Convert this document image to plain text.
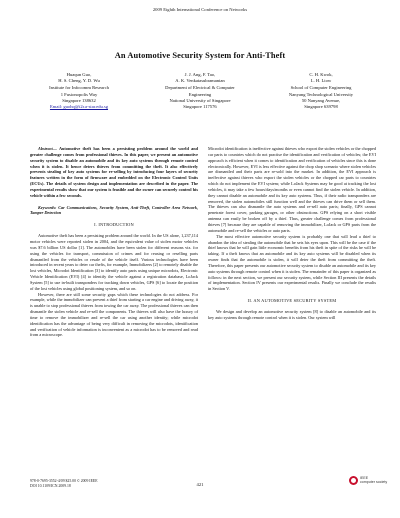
2009 Eighth International Conference on Networks
An Automotive Security System for Anti-Theft
Huaqun Guo,
H. S. Cheng, Y. D. Wu
Institute for Infocomm Research
1 Fusionopolis Way
Singapore 138632
Email: guohq@i2r.a-star.edu.sg
J. J. Ang, F. Tao,
A. K. Venkatasubramanian
Department of Electrical & Computer
Engineering
National University of Singapore
Singapore 117576
C. H. Kwok,
L. H. Liow
School of Computer Engineering
Nanyang Technological University
50 Nanyang Avenue,
Singapore 639798

Abstract— Automotive theft has been a persisting problem around the world and greater challenge comes from professional thieves. In this paper, we present an automotive security system to disable an automobile and its key auto systems through remote control when it is stolen. It hence deters thieves from committing the theft. It also effectively prevents stealing of key auto systems for re-selling by introducing four layers of security features written in the form of firmware and embedded on the Electronic Control Units (ECUs). The details of system design and implementation are described in the paper. The experimental results show that our system is feasible and the owner can securely control his vehicle within a few seconds.

Keywords: Car Communications, Security System, Anti-Theft, Controller Area Network, Tamper Detection

I. INTRODUCTION

Automotive theft has been a persisting problem around the world. In the US alone, 1,237,114 motor vehicles were reported stolen in 2004, and the equivalent value of stolen motor vehicles was $7.6 billion US dollar [1]. The automobiles have been stolen for different reasons viz. for using the vehicles for transport, commission of crimes and for reusing or reselling parts dismantled from the vehicles or resale of the vehicle itself. Various technologies have been introduced in recent years to deter car thefts, for example, Immobilizers [2] to remotely disable the lost vehicles, Microdot Identification [3] to identify auto parts using unique microdots, Electronic Vehicle Identification (EVI) [4] to identify the vehicle against a registration database, LoJack System [5] to use in-built transponders for tracking down vehicles, GPS [6] to locate the position of the lost vehicles using global positioning system, and so on.

However, there are still some security gaps which these technologies do not address. For example, while the immobilizer can prevent a thief from starting a car engine and driving away, it is unable to stop professional thieves from towing the car away. The professional thieves can then dismantle the stolen vehicle and re-sell the components. The thieves will also have the luxury of time to remove the immobilizer and re-sell the car using another identity; while microdot identification has the advantage of being very difficult in removing the microdots, identification and verification of vehicle information is inconvenient as a microdot has to be removed and read from a microscope.

Microdot identification is ineffective against thieves who export the stolen vehicles or the chopped car parts to countries which do not practise the identification and verification of vehicles; the EVI approach is efficient when it comes to identification and verification of vehicles since this is done electronically. However, EVI is less effective against the chop shop scenario where stolen vehicles are dismantled and their parts are re-sold into the market. In addition, the EVI approach is ineffective against thieves who export the stolen vehicles or the chopped car parts to countries which do not implement the EVI system; while LoJack Systems may be good at tracking the lost vehicles, it may take a few hours/days/months or even cannot find the stolen vehicle. In addition, they cannot disable an automobile and its key auto systems. Thus, if their radio transponders are removed, the stolen automobiles still function well and the thieves can drive them or sell them. The thieves can also dismantle the auto systems and re-sell auto parts; finally, GPS cannot penetrate forest cover, parking garages, or other obstructions. GPS relying on a short visible antenna can easily be broken off by a thief. Thus, greater challenge comes from professional thieves [7] because they are capable of removing the immobilizer, LoJack or GPS parts from the automobile and re-sell the vehicles or auto parts.

The most effective automotive security system is probably one that will lead a thief to abandon the idea of stealing the automobile that he sets his eyes upon. This will be the case if the thief knows that he will gain little economic benefits from his theft in spite of the risks he will be taking. If a theft knows that an automobile and its key auto systems will be disabled when its owner finds that the automobile is stolen, it will deter the theft from committing the theft. Therefore, this paper presents our automotive security system to disable an automobile and its key auto systems through remote control when it is stolen. The remainder of this paper is organized as follows: in the next section, we present our security system, while Section III presents the details of implementation. Section IV presents our experimental results. Finally we conclude the results in Section V.

II. AN AUTOMOTIVE SECURITY SYSTEM

We design and develop an automotive security system [8] to disable an automobile and its key auto systems through remote control when it is stolen. Our system will

978-0-7695-3552-4/09 $25.00 © 2009 IEEE
DOI 10.1109/ICN.2009.18	421
IEEE
computer society
